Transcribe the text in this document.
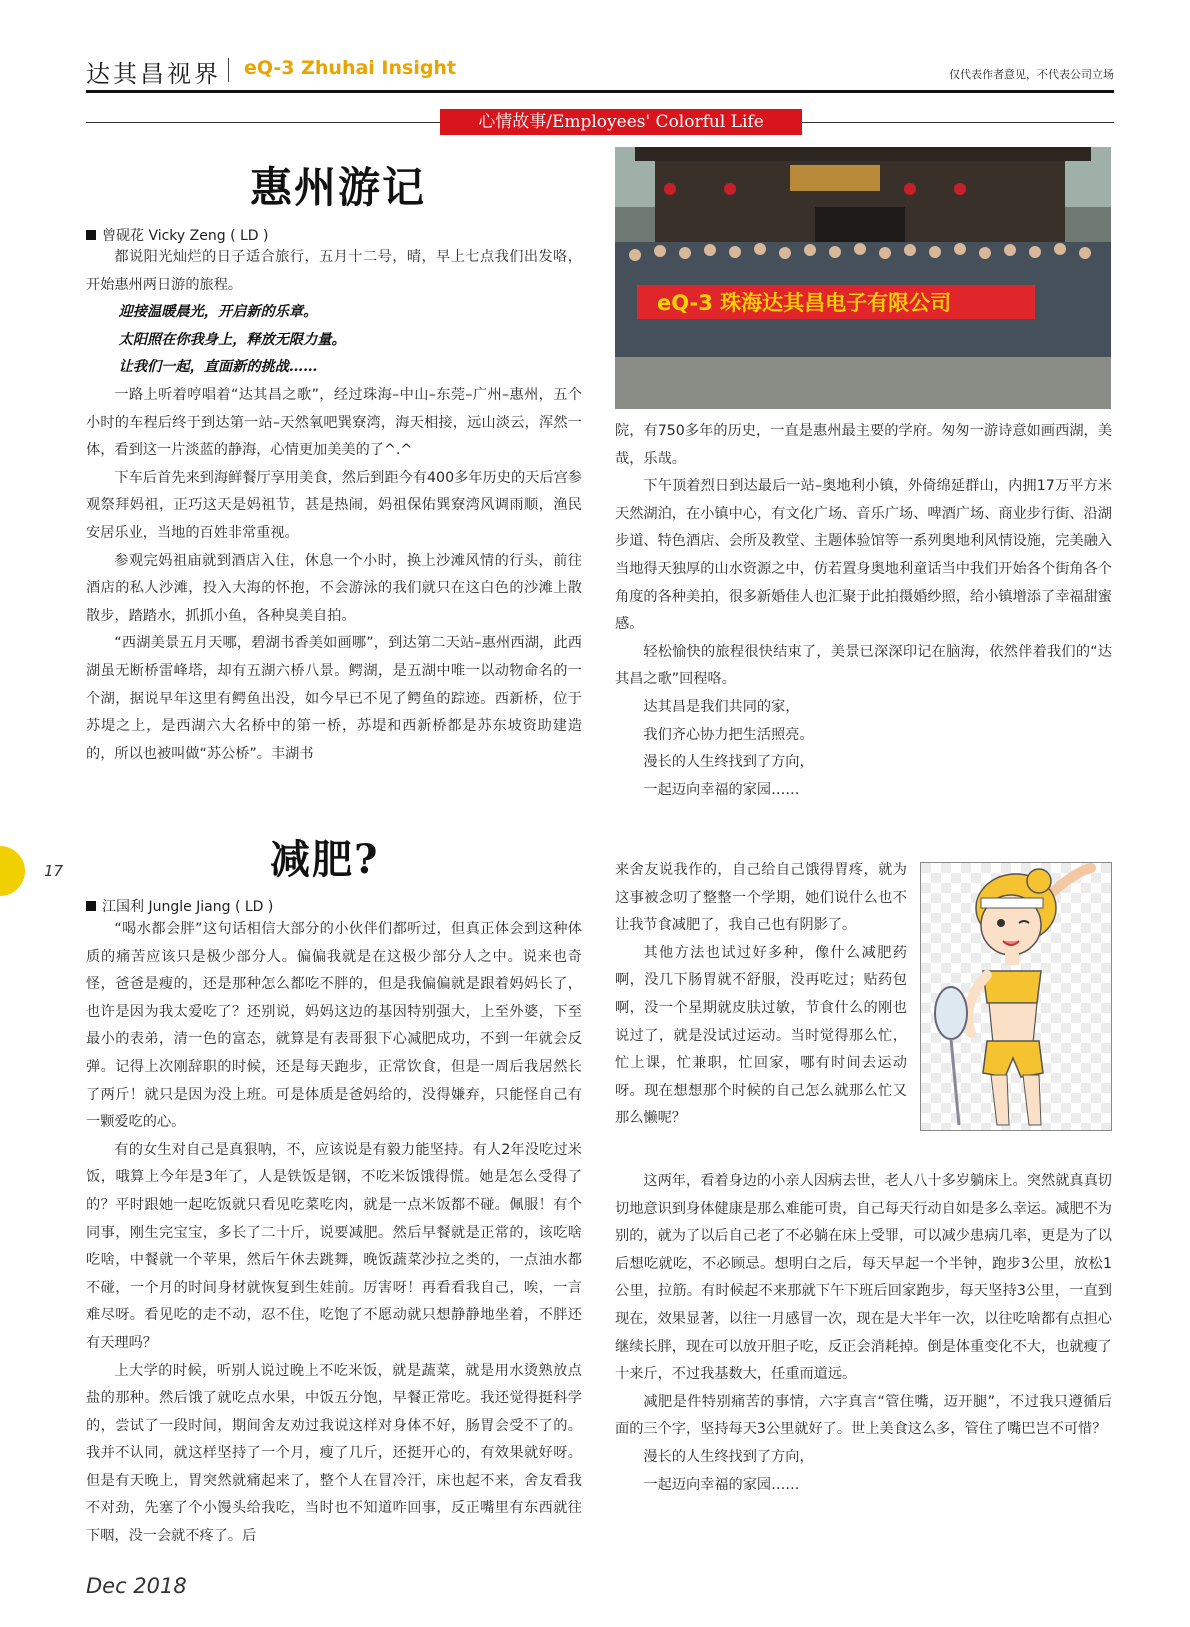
达其昌视界 eQ-3 Zhuhai Insight	仅代表作者意见，不代表公司立场
心情故事/Employees' Colorful Life
惠州游记
曾砚花 Vicky Zeng ( LD )

都说阳光灿烂的日子适合旅行，五月十二号，晴，早上七点我们出发咯，开始惠州两日游的旅程。

迎接温暖晨光，开启新的乐章。

太阳照在你我身上，释放无限力量。

让我们一起，直面新的挑战……

一路上听着哼唱着“达其昌之歌”，经过珠海–中山–东莞–广州–惠州，五个小时的车程后终于到达第一站–天然氧吧巽寮湾，海天相接，远山淡云，浑然一体，看到这一片淡蓝的静海，心情更加美美的了^.^

下车后首先来到海鲜餐厅享用美食，然后到距今有400多年历史的天后宫参观祭拜妈祖，正巧这天是妈祖节，甚是热闹，妈祖保佑巽寮湾风调雨顺，渔民安居乐业，当地的百姓非常重视。

参观完妈祖庙就到酒店入住，休息一个小时，换上沙滩风情的行头，前往酒店的私人沙滩，投入大海的怀抱，不会游泳的我们就只在这白色的沙滩上散散步，踏踏水，抓抓小鱼，各种臭美自拍。

“西湖美景五月天哪，碧湖书香美如画哪”，到达第二天站–惠州西湖，此西湖虽无断桥雷峰塔，却有五湖六桥八景。鳄湖，是五湖中唯一以动物命名的一个湖，据说早年这里有鳄鱼出没，如今早已不见了鳄鱼的踪迹。西新桥，位于苏堤之上，是西湖六大名桥中的第一桥，苏堤和西新桥都是苏东坡资助建造的，所以也被叫做“苏公桥”。丰湖书

eQ-3 珠海达其昌电子有限公司

院，有750多年的历史，一直是惠州最主要的学府。匆匆一游诗意如画西湖，美哉，乐哉。

下午顶着烈日到达最后一站–奥地利小镇，外倚绵延群山，内拥17万平方米天然湖泊，在小镇中心，有文化广场、音乐广场、啤酒广场、商业步行街、沿湖步道、特色酒店、会所及教堂、主题体验馆等一系列奥地利风情设施，完美融入当地得天独厚的山水资源之中，仿若置身奥地利童话当中我们开始各个街角各个角度的各种美拍，很多新婚佳人也汇聚于此拍摄婚纱照，给小镇增添了幸福甜蜜感。

轻松愉快的旅程很快结束了，美景已深深印记在脑海，依然伴着我们的“达其昌之歌”回程咯。

达其昌是我们共同的家，

我们齐心协力把生活照亮。

漫长的人生终找到了方向，

一起迈向幸福的家园……

减肥?
江国利 Jungle Jiang ( LD )

“喝水都会胖”这句话相信大部分的小伙伴们都听过，但真正体会到这种体质的痛苦应该只是极少部分人。偏偏我就是在这极少部分人之中。说来也奇怪，爸爸是瘦的，还是那种怎么都吃不胖的，但是我偏偏就是跟着妈妈长了，也许是因为我太爱吃了？还别说，妈妈这边的基因特别强大，上至外婆，下至最小的表弟，清一色的富态，就算是有表哥狠下心减肥成功，不到一年就会反弹。记得上次刚辞职的时候，还是每天跑步，正常饮食，但是一周后我居然长了两斤！就只是因为没上班。可是体质是爸妈给的，没得嫌弃，只能怪自己有一颗爱吃的心。

有的女生对自己是真狠呐，不，应该说是有毅力能坚持。有人2年没吃过米饭，哦算上今年是3年了，人是铁饭是钢，不吃米饭饿得慌。她是怎么受得了的？平时跟她一起吃饭就只看见吃菜吃肉，就是一点米饭都不碰。佩服！有个同事，刚生完宝宝，多长了二十斤，说要减肥。然后早餐就是正常的，该吃啥吃啥，中餐就一个苹果，然后午休去跳舞，晚饭蔬菜沙拉之类的，一点油水都不碰，一个月的时间身材就恢复到生娃前。厉害呀！再看看我自己，唉，一言难尽呀。看见吃的走不动，忍不住，吃饱了不愿动就只想静静地坐着，不胖还有天理吗？

上大学的时候，听别人说过晚上不吃米饭，就是蔬菜，就是用水烫熟放点盐的那种。然后饿了就吃点水果，中饭五分饱，早餐正常吃。我还觉得挺科学的，尝试了一段时间，期间舍友劝过我说这样对身体不好，肠胃会受不了的。我并不认同，就这样坚持了一个月，瘦了几斤，还挺开心的，有效果就好呀。但是有天晚上，胃突然就痛起来了，整个人在冒冷汗，床也起不来，舍友看我不对劲，先塞了个小馒头给我吃，当时也不知道咋回事，反正嘴里有东西就往下咽，没一会就不疼了。后

来舍友说我作的，自己给自己饿得胃疼，就为这事被念叨了整整一个学期，她们说什么也不让我节食减肥了，我自己也有阴影了。

其他方法也试过好多种，像什么减肥药啊，没几下肠胃就不舒服，没再吃过；贴药包啊，没一个星期就皮肤过敏，节食什么的刚也说过了，就是没试过运动。当时觉得那么忙，忙上课，忙兼职，忙回家，哪有时间去运动呀。现在想想那个时候的自己怎么就那么忙又那么懒呢？

这两年，看着身边的小亲人因病去世，老人八十多岁躺床上。突然就真真切切地意识到身体健康是那么难能可贵，自己每天行动自如是多么幸运。减肥不为别的，就为了以后自己老了不必躺在床上受罪，可以减少患病几率，更是为了以后想吃就吃，不必顾忌。想明白之后，每天早起一个半钟，跑步3公里，放松1公里，拉筋。有时候起不来那就下午下班后回家跑步，每天坚持3公里，一直到现在，效果显著，以往一月感冒一次，现在是大半年一次，以往吃啥都有点担心继续长胖，现在可以放开胆子吃，反正会消耗掉。倒是体重变化不大，也就瘦了十来斤，不过我基数大，任重而道远。

减肥是件特别痛苦的事情，六字真言“管住嘴，迈开腿”，不过我只遵循后面的三个字，坚持每天3公里就好了。世上美食这么多，管住了嘴巴岂不可惜？

漫长的人生终找到了方向，

一起迈向幸福的家园……

17
Dec 2018
